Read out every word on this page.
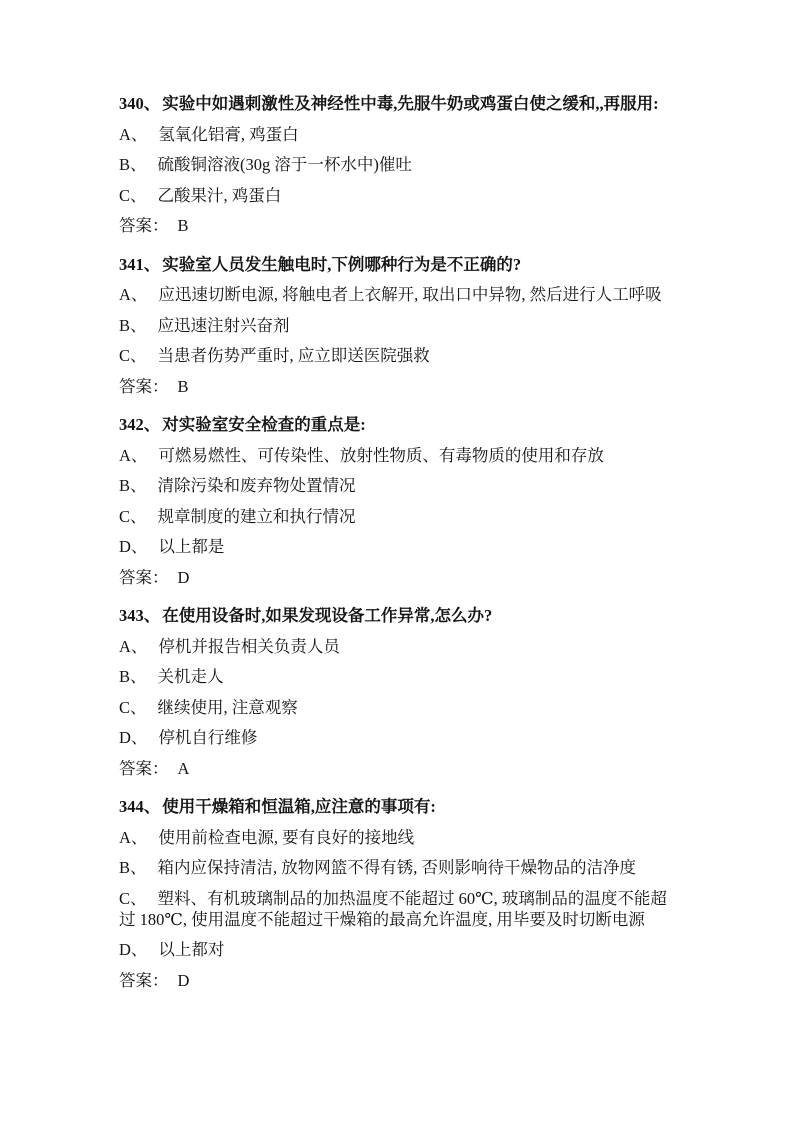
340、 实验中如遇刺激性及神经性中毒,先服牛奶或鸡蛋白使之缓和,,再服用:

A、 氢氧化铝膏, 鸡蛋白

B、 硫酸铜溶液(30g 溶于一杯水中)催吐

C、 乙酸果汁, 鸡蛋白

答案： B

341、 实验室人员发生触电时,下例哪种行为是不正确的?

A、 应迅速切断电源, 将触电者上衣解开, 取出口中异物, 然后进行人工呼吸

B、 应迅速注射兴奋剂

C、 当患者伤势严重时, 应立即送医院强救

答案： B

342、 对实验室安全检查的重点是:

A、 可燃易燃性、可传染性、放射性物质、有毒物质的使用和存放

B、 清除污染和废弃物处置情况

C、 规章制度的建立和执行情况

D、 以上都是

答案： D

343、 在使用设备时,如果发现设备工作异常,怎么办?

A、 停机并报告相关负责人员

B、 关机走人

C、 继续使用, 注意观察

D、 停机自行维修

答案： A

344、 使用干燥箱和恒温箱,应注意的事项有:

A、 使用前检查电源, 要有良好的接地线

B、 箱内应保持清洁, 放物网篮不得有锈, 否则影响待干燥物品的洁净度

C、 塑料、有机玻璃制品的加热温度不能超过 60℃, 玻璃制品的温度不能超过 180℃, 使用温度不能超过干燥箱的最高允许温度, 用毕要及时切断电源

D、 以上都对

答案： D
